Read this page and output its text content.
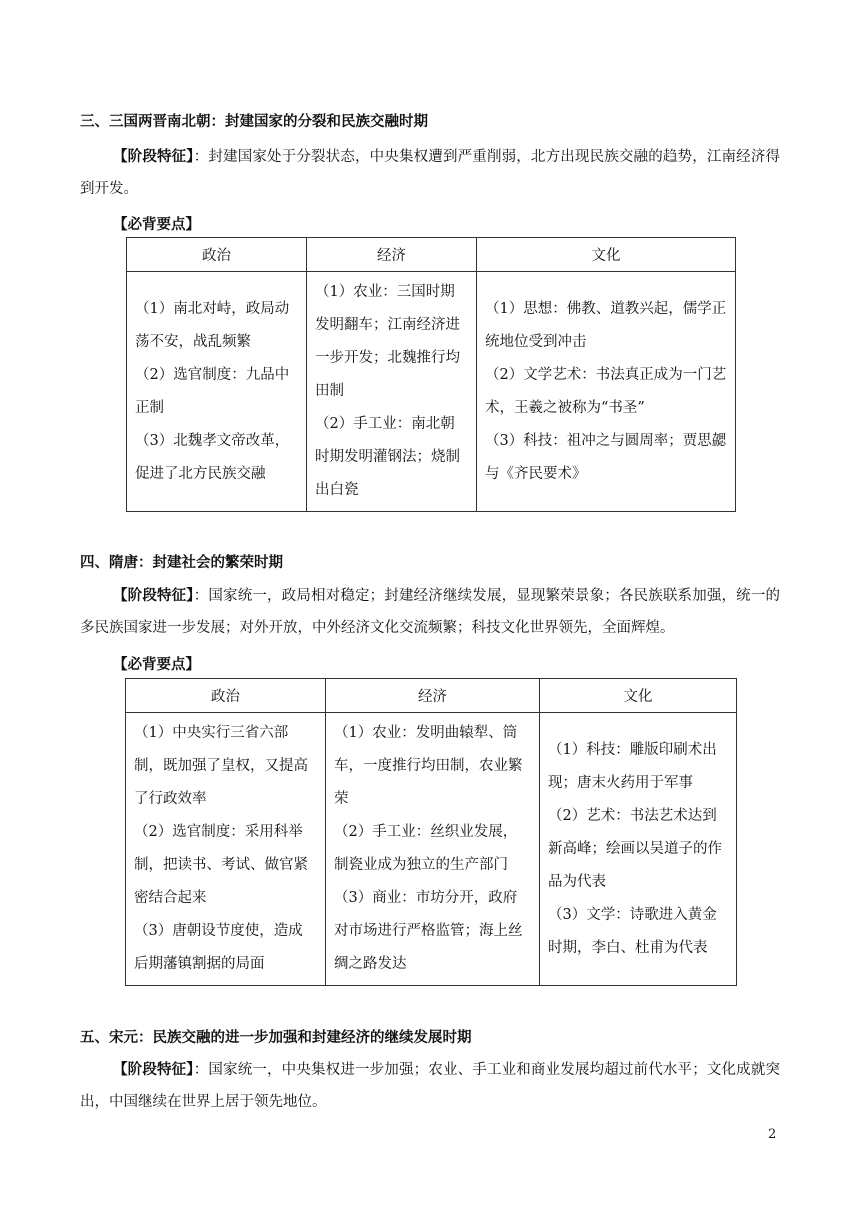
三、三国两晋南北朝：封建国家的分裂和民族交融时期
【阶段特征】：封建国家处于分裂状态，中央集权遭到严重削弱，北方出现民族交融的趋势，江南经济得到开发。
【必背要点】
政治	经济	文化

（1）南北对峙，政局动荡不安，战乱频繁
（2）选官制度：九品中正制
（3）北魏孝文帝改革，促进了北方民族交融	（1）农业：三国时期发明翻车；江南经济进一步开发；北魏推行均田制
（2）手工业：南北朝时期发明灌钢法；烧制出白瓷	（1）思想：佛教、道教兴起，儒学正统地位受到冲击
（2）文学艺术：书法真正成为一门艺术，王羲之被称为“书圣”
（3）科技：祖冲之与圆周率；贾思勰与《齐民要术》
四、隋唐：封建社会的繁荣时期
【阶段特征】：国家统一，政局相对稳定；封建经济继续发展，显现繁荣景象；各民族联系加强，统一的多民族国家进一步发展；对外开放，中外经济文化交流频繁；科技文化世界领先，全面辉煌。
【必背要点】
政治	经济	文化

（1）中央实行三省六部制，既加强了皇权，又提高了行政效率
（2）选官制度：采用科举制，把读书、考试、做官紧密结合起来
（3）唐朝设节度使，造成后期藩镇割据的局面	（1）农业：发明曲辕犁、筒车，一度推行均田制，农业繁荣
（2）手工业：丝织业发展，制瓷业成为独立的生产部门
（3）商业：市坊分开，政府对市场进行严格监管；海上丝绸之路发达	（1）科技：雕版印刷术出现；唐末火药用于军事
（2）艺术：书法艺术达到新高峰；绘画以吴道子的作品为代表
（3）文学：诗歌进入黄金时期，李白、杜甫为代表
五、宋元：民族交融的进一步加强和封建经济的继续发展时期
【阶段特征】：国家统一，中央集权进一步加强；农业、手工业和商业发展均超过前代水平；文化成就突出，中国继续在世界上居于领先地位。
2
